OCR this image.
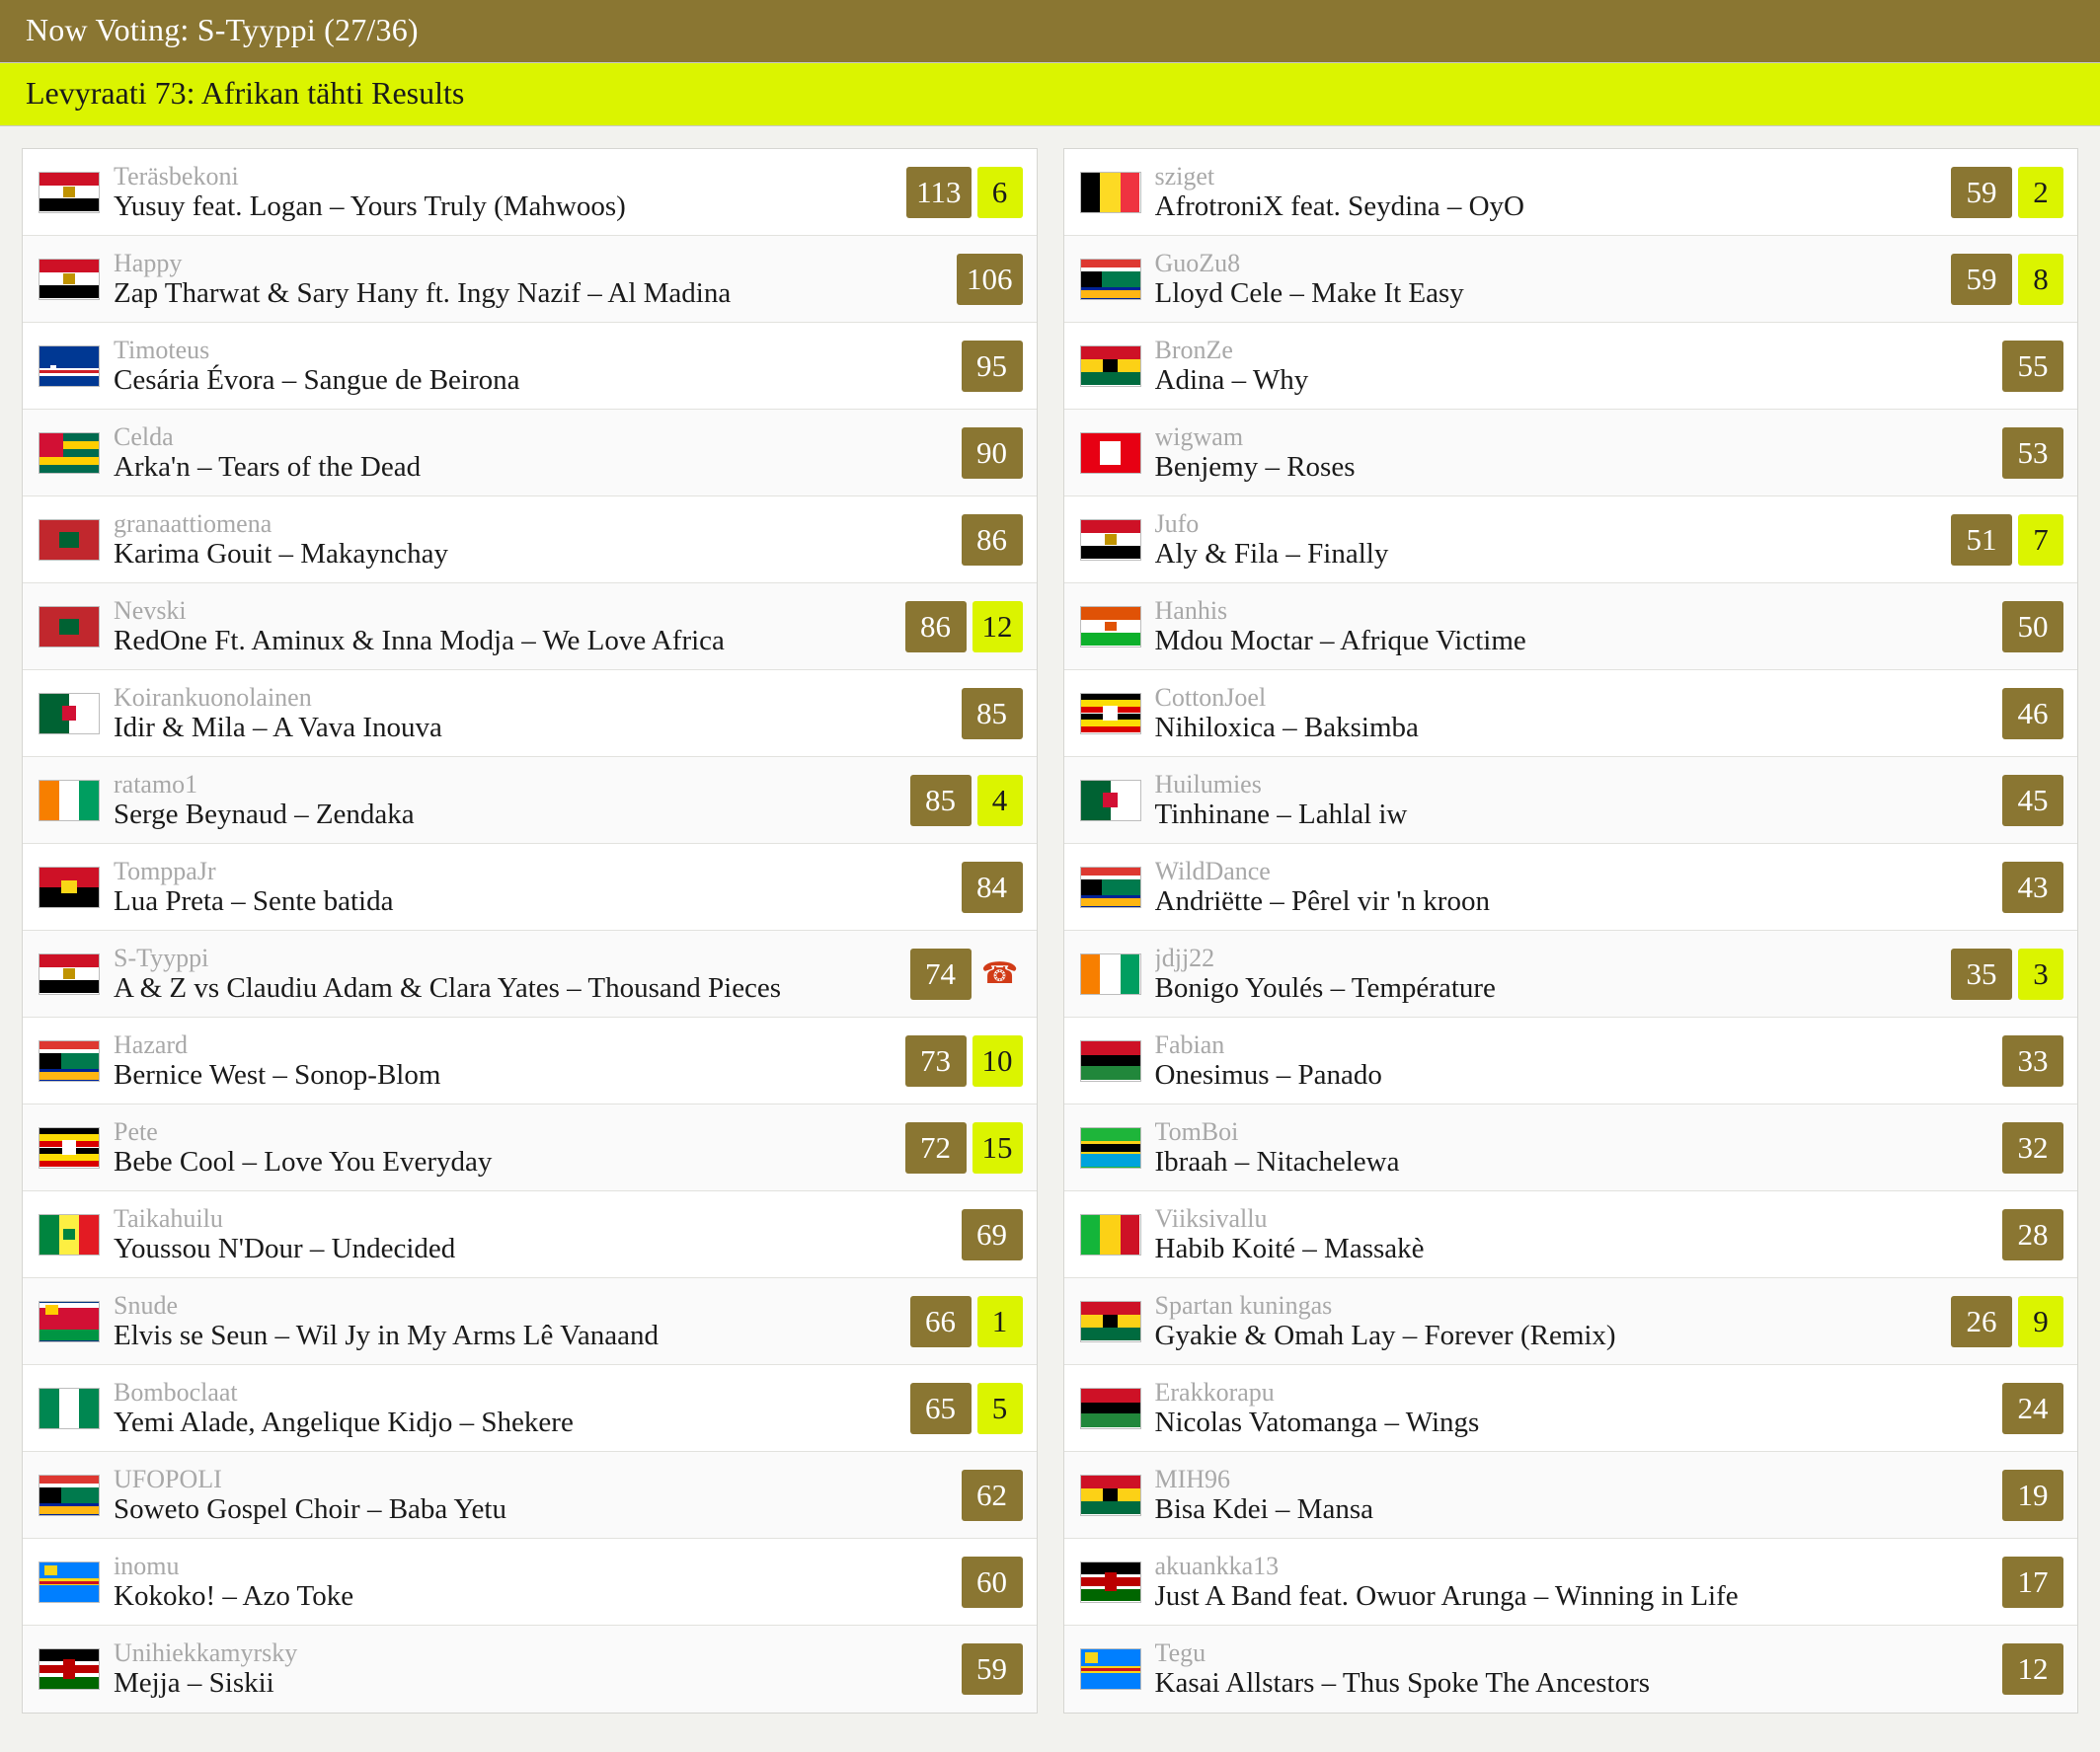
Now Voting: S-Tyyppi (27/36)
Levyraati 73: Afrikan tähti Results
Teräsbekoni
Yusuy feat. Logan – Yours Truly (Mahwoos)	113	6
Happy
Zap Tharwat & Sary Hany ft. Ingy Nazif – Al Madina	106
Timoteus
Cesária Évora – Sangue de Beirona	95
Celda
Arka'n – Tears of the Dead	90
granaattiomena
Karima Gouit – Makaynchay	86
Nevski
RedOne Ft. Aminux & Inna Modja – We Love Africa	86	12
Koirankuonolainen
Idir & Mila – A Vava Inouva	85
ratamo1
Serge Beynaud – Zendaka	85	4
TomppaJr
Lua Preta – Sente batida	84
S-Tyyppi
A & Z vs Claudiu Adam & Clara Yates – Thousand Pieces	74 ☎
Hazard
Bernice West – Sonop-Blom	73	10
Pete
Bebe Cool – Love You Everyday	72	15
Taikahuilu
Youssou N'Dour – Undecided	69
Snude
Elvis se Seun – Wil Jy in My Arms Lê Vanaand	66	1
Bomboclaat
Yemi Alade, Angelique Kidjo – Shekere	65	5
UFOPOLI
Soweto Gospel Choir – Baba Yetu	62
inomu
Kokoko! – Azo Toke	60
Unihiekkamyrsky
Mejja – Siskii	59
sziget
AfrotroniX feat. Seydina – OyO	59	2
GuoZu8
Lloyd Cele – Make It Easy	59	8
BronZe
Adina – Why	55
wigwam
Benjemy – Roses	53
Jufo
Aly & Fila – Finally	51	7
Hanhis
Mdou Moctar – Afrique Victime	50
CottonJoel
Nihiloxica – Baksimba	46
Huilumies
Tinhinane – Lahlal iw	45
WildDance
Andriëtte – Pêrel vir 'n kroon	43
jdjj22
Bonigo Youlés – Température	35	3
Fabian
Onesimus – Panado	33
TomBoi
Ibraah – Nitachelewa	32
Viiksivallu
Habib Koité – Massakè	28
Spartan kuningas
Gyakie & Omah Lay – Forever (Remix)	26	9
Erakkorapu
Nicolas Vatomanga – Wings	24
MIH96
Bisa Kdei – Mansa	19
akuankka13
Just A Band feat. Owuor Arunga – Winning in Life	17
Tegu
Kasai Allstars – Thus Spoke The Ancestors	12
